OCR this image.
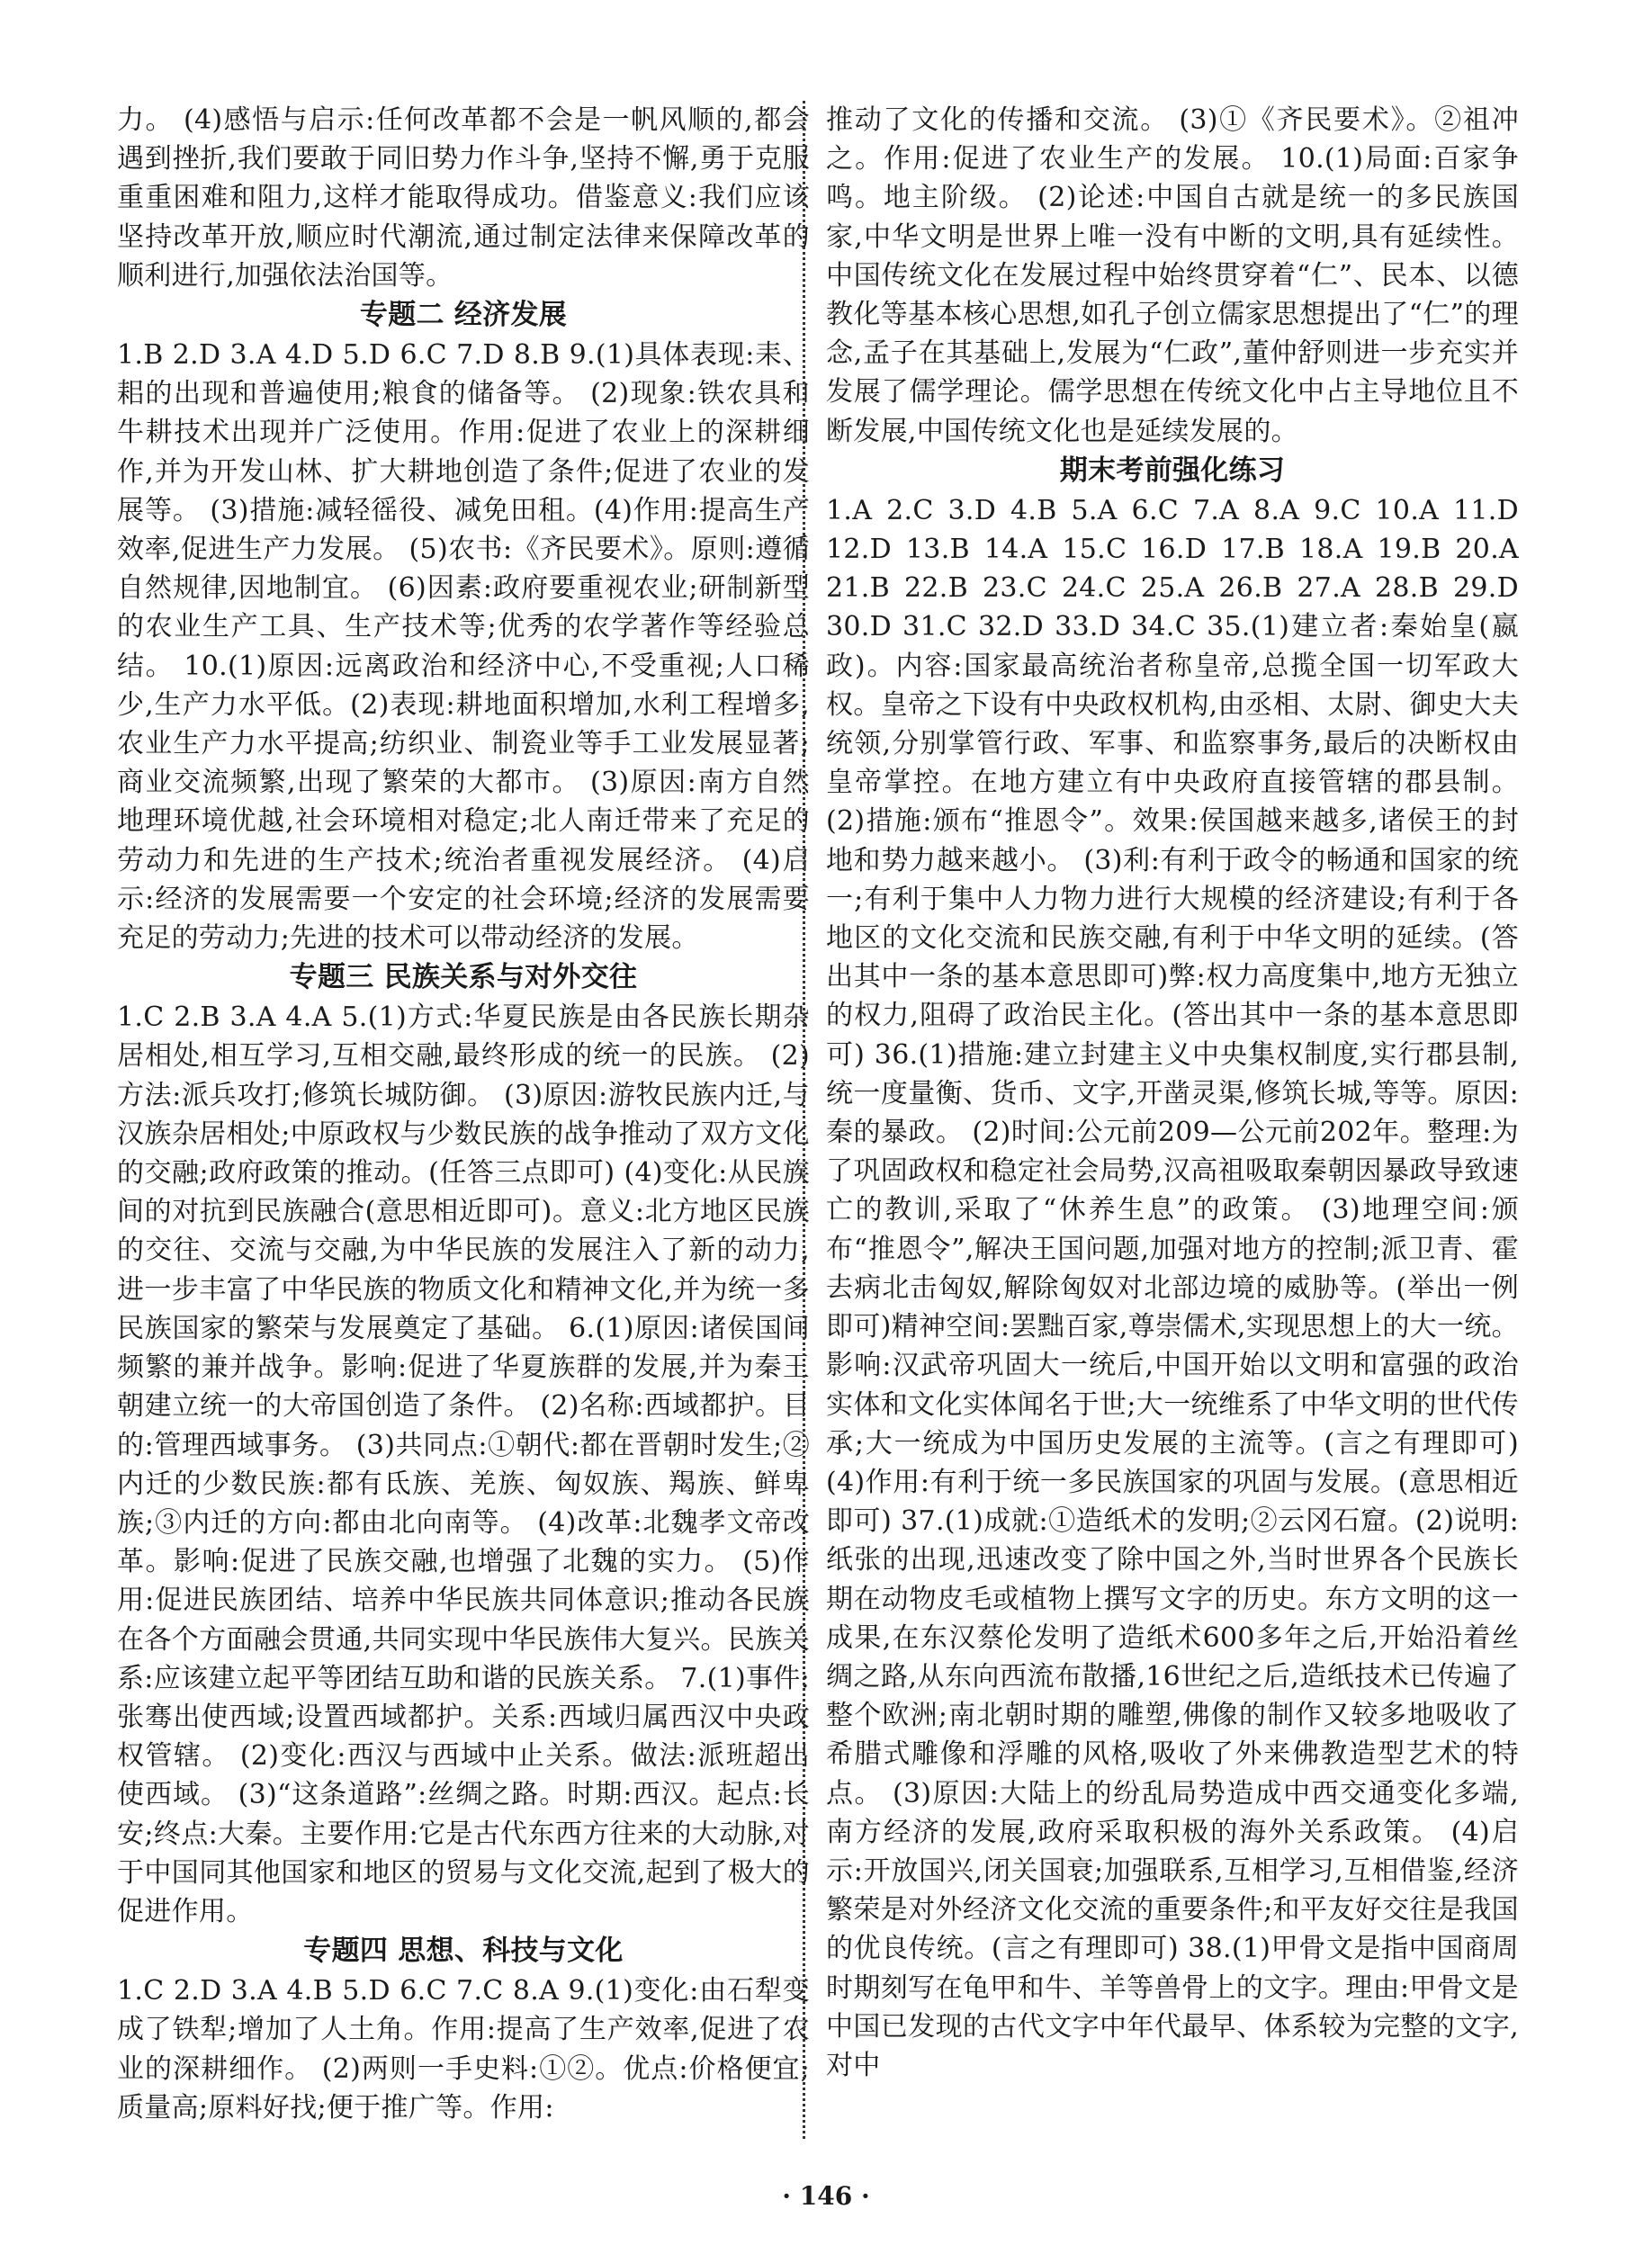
力。 (4)感悟与启示:任何改革都不会是一帆风顺的,都会遇到挫折,我们要敢于同旧势力作斗争,坚持不懈,勇于克服重重困难和阻力,这样才能取得成功。借鉴意义:我们应该坚持改革开放,顺应时代潮流,通过制定法律来保障改革的顺利进行,加强依法治国等。

专题二 经济发展

1.B 2.D 3.A 4.D 5.D 6.C 7.D 8.B 9.(1)具体表现:耒、耜的出现和普遍使用;粮食的储备等。 (2)现象:铁农具和牛耕技术出现并广泛使用。作用:促进了农业上的深耕细作,并为开发山林、扩大耕地创造了条件;促进了农业的发展等。 (3)措施:减轻徭役、减免田租。(4)作用:提高生产效率,促进生产力发展。 (5)农书:《齐民要术》。原则:遵循自然规律,因地制宜。 (6)因素:政府要重视农业;研制新型的农业生产工具、生产技术等;优秀的农学著作等经验总结。 10.(1)原因:远离政治和经济中心,不受重视;人口稀少,生产力水平低。(2)表现:耕地面积增加,水利工程增多,农业生产力水平提高;纺织业、制瓷业等手工业发展显著;商业交流频繁,出现了繁荣的大都市。 (3)原因:南方自然地理环境优越,社会环境相对稳定;北人南迁带来了充足的劳动力和先进的生产技术;统治者重视发展经济。 (4)启示:经济的发展需要一个安定的社会环境;经济的发展需要充足的劳动力;先进的技术可以带动经济的发展。

专题三 民族关系与对外交往

1.C 2.B 3.A 4.A 5.(1)方式:华夏民族是由各民族长期杂居相处,相互学习,互相交融,最终形成的统一的民族。 (2)方法:派兵攻打;修筑长城防御。 (3)原因:游牧民族内迁,与汉族杂居相处;中原政权与少数民族的战争推动了双方文化的交融;政府政策的推动。(任答三点即可) (4)变化:从民族间的对抗到民族融合(意思相近即可)。意义:北方地区民族的交往、交流与交融,为中华民族的发展注入了新的动力,进一步丰富了中华民族的物质文化和精神文化,并为统一多民族国家的繁荣与发展奠定了基础。 6.(1)原因:诸侯国间频繁的兼并战争。影响:促进了华夏族群的发展,并为秦王朝建立统一的大帝国创造了条件。 (2)名称:西域都护。目的:管理西域事务。 (3)共同点:①朝代:都在晋朝时发生;②内迁的少数民族:都有氐族、羌族、匈奴族、羯族、鲜卑族;③内迁的方向:都由北向南等。 (4)改革:北魏孝文帝改革。影响:促进了民族交融,也增强了北魏的实力。 (5)作用:促进民族团结、培养中华民族共同体意识;推动各民族在各个方面融会贯通,共同实现中华民族伟大复兴。民族关系:应该建立起平等团结互助和谐的民族关系。 7.(1)事件:张骞出使西域;设置西域都护。关系:西域归属西汉中央政权管辖。 (2)变化:西汉与西域中止关系。做法:派班超出使西域。 (3)“这条道路”:丝绸之路。时期:西汉。起点:长安;终点:大秦。主要作用:它是古代东西方往来的大动脉,对于中国同其他国家和地区的贸易与文化交流,起到了极大的促进作用。

专题四 思想、科技与文化

1.C 2.D 3.A 4.B 5.D 6.C 7.C 8.A 9.(1)变化:由石犁变成了铁犁;增加了人土角。作用:提高了生产效率,促进了农业的深耕细作。 (2)两则一手史料:①②。优点:价格便宜;质量高;原料好找;便于推广等。作用:

推动了文化的传播和交流。 (3)①《齐民要术》。②祖冲之。作用:促进了农业生产的发展。 10.(1)局面:百家争鸣。地主阶级。 (2)论述:中国自古就是统一的多民族国家,中华文明是世界上唯一没有中断的文明,具有延续性。中国传统文化在发展过程中始终贯穿着“仁”、民本、以德教化等基本核心思想,如孔子创立儒家思想提出了“仁”的理念,孟子在其基础上,发展为“仁政”,董仲舒则进一步充实并发展了儒学理论。儒学思想在传统文化中占主导地位且不断发展,中国传统文化也是延续发展的。

期末考前强化练习

1.A 2.C 3.D 4.B 5.A 6.C 7.A 8.A 9.C 10.A 11.D 12.D 13.B 14.A 15.C 16.D 17.B 18.A 19.B 20.A 21.B 22.B 23.C 24.C 25.A 26.B 27.A 28.B 29.D 30.D 31.C 32.D 33.D 34.C 35.(1)建立者:秦始皇(嬴政)。内容:国家最高统治者称皇帝,总揽全国一切军政大权。皇帝之下设有中央政权机构,由丞相、太尉、御史大夫统领,分别掌管行政、军事、和监察事务,最后的决断权由皇帝掌控。在地方建立有中央政府直接管辖的郡县制。 (2)措施:颁布“推恩令”。效果:侯国越来越多,诸侯王的封地和势力越来越小。 (3)利:有利于政令的畅通和国家的统一;有利于集中人力物力进行大规模的经济建设;有利于各地区的文化交流和民族交融,有利于中华文明的延续。(答出其中一条的基本意思即可)弊:权力高度集中,地方无独立的权力,阻碍了政治民主化。(答出其中一条的基本意思即可) 36.(1)措施:建立封建主义中央集权制度,实行郡县制,统一度量衡、货币、文字,开凿灵渠,修筑长城,等等。原因:秦的暴政。 (2)时间:公元前209—公元前202年。整理:为了巩固政权和稳定社会局势,汉高祖吸取秦朝因暴政导致速亡的教训,采取了“休养生息”的政策。 (3)地理空间:颁布“推恩令”,解决王国问题,加强对地方的控制;派卫青、霍去病北击匈奴,解除匈奴对北部边境的威胁等。(举出一例即可)精神空间:罢黜百家,尊崇儒术,实现思想上的大一统。影响:汉武帝巩固大一统后,中国开始以文明和富强的政治实体和文化实体闻名于世;大一统维系了中华文明的世代传承;大一统成为中国历史发展的主流等。(言之有理即可)(4)作用:有利于统一多民族国家的巩固与发展。(意思相近即可) 37.(1)成就:①造纸术的发明;②云冈石窟。(2)说明:纸张的出现,迅速改变了除中国之外,当时世界各个民族长期在动物皮毛或植物上撰写文字的历史。东方文明的这一成果,在东汉蔡伦发明了造纸术600多年之后,开始沿着丝绸之路,从东向西流布散播,16世纪之后,造纸技术已传遍了整个欧洲;南北朝时期的雕塑,佛像的制作又较多地吸收了希腊式雕像和浮雕的风格,吸收了外来佛教造型艺术的特点。 (3)原因:大陆上的纷乱局势造成中西交通变化多端,南方经济的发展,政府采取积极的海外关系政策。 (4)启示:开放国兴,闭关国衰;加强联系,互相学习,互相借鉴,经济繁荣是对外经济文化交流的重要条件;和平友好交往是我国的优良传统。(言之有理即可) 38.(1)甲骨文是指中国商周时期刻写在龟甲和牛、羊等兽骨上的文字。理由:甲骨文是中国已发现的古代文字中年代最早、体系较为完整的文字,对中

· 146 ·
